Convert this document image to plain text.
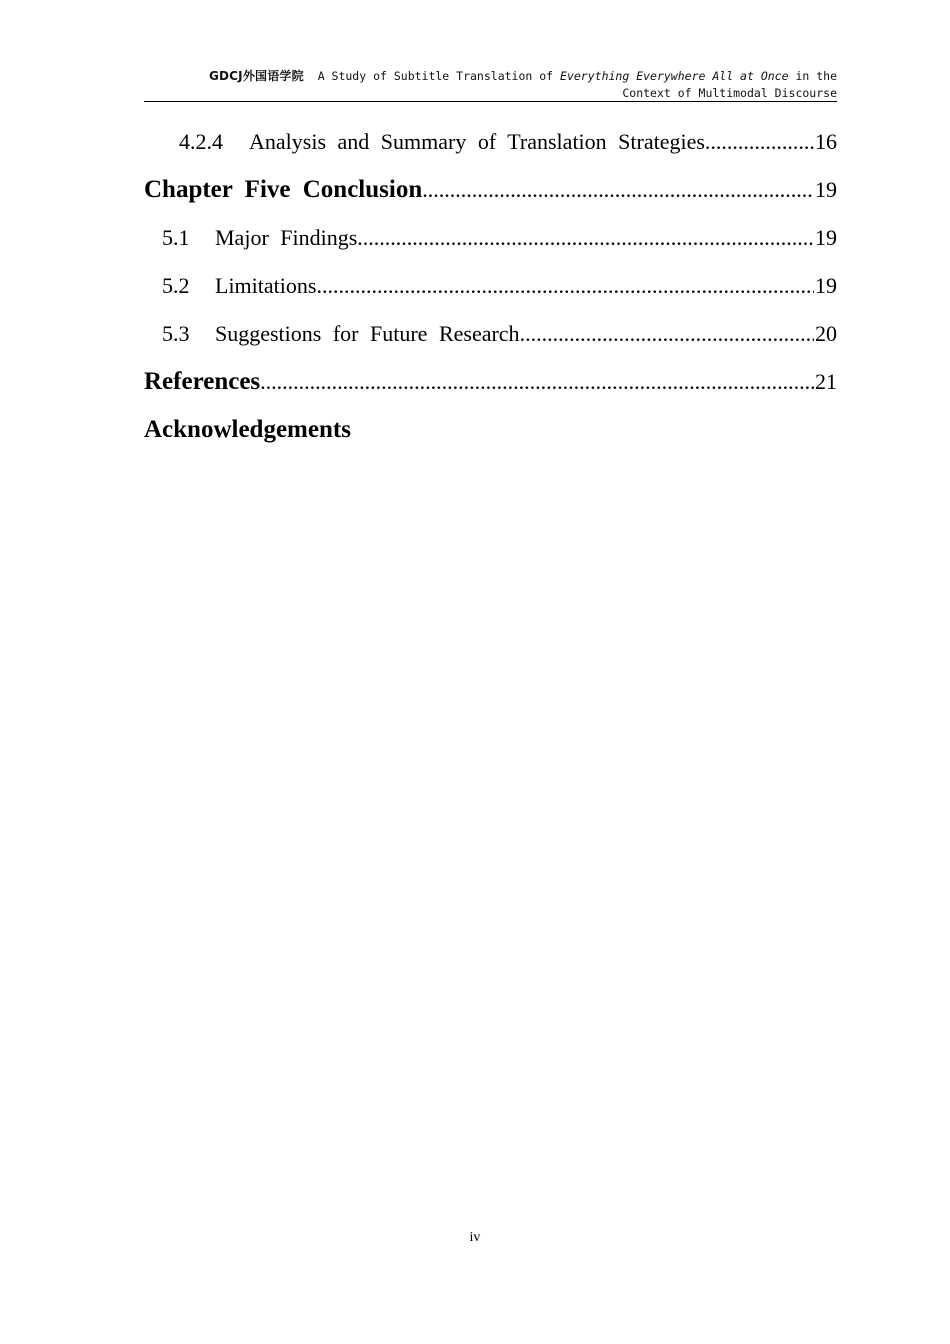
GDCJ外国语学院 A Study of Subtitle Translation of Everything Everywhere All at Once in the
Context of Multimodal Discourse
4.2.4	Analysis and Summary of Translation Strategies .....	16
Chapter Five Conclusion .....	19
5.1	Major Findings .....	19
5.2	Limitations .....	19
5.3	Suggestions for Future Research .....	20
References .....	21
Acknowledgements
iv
